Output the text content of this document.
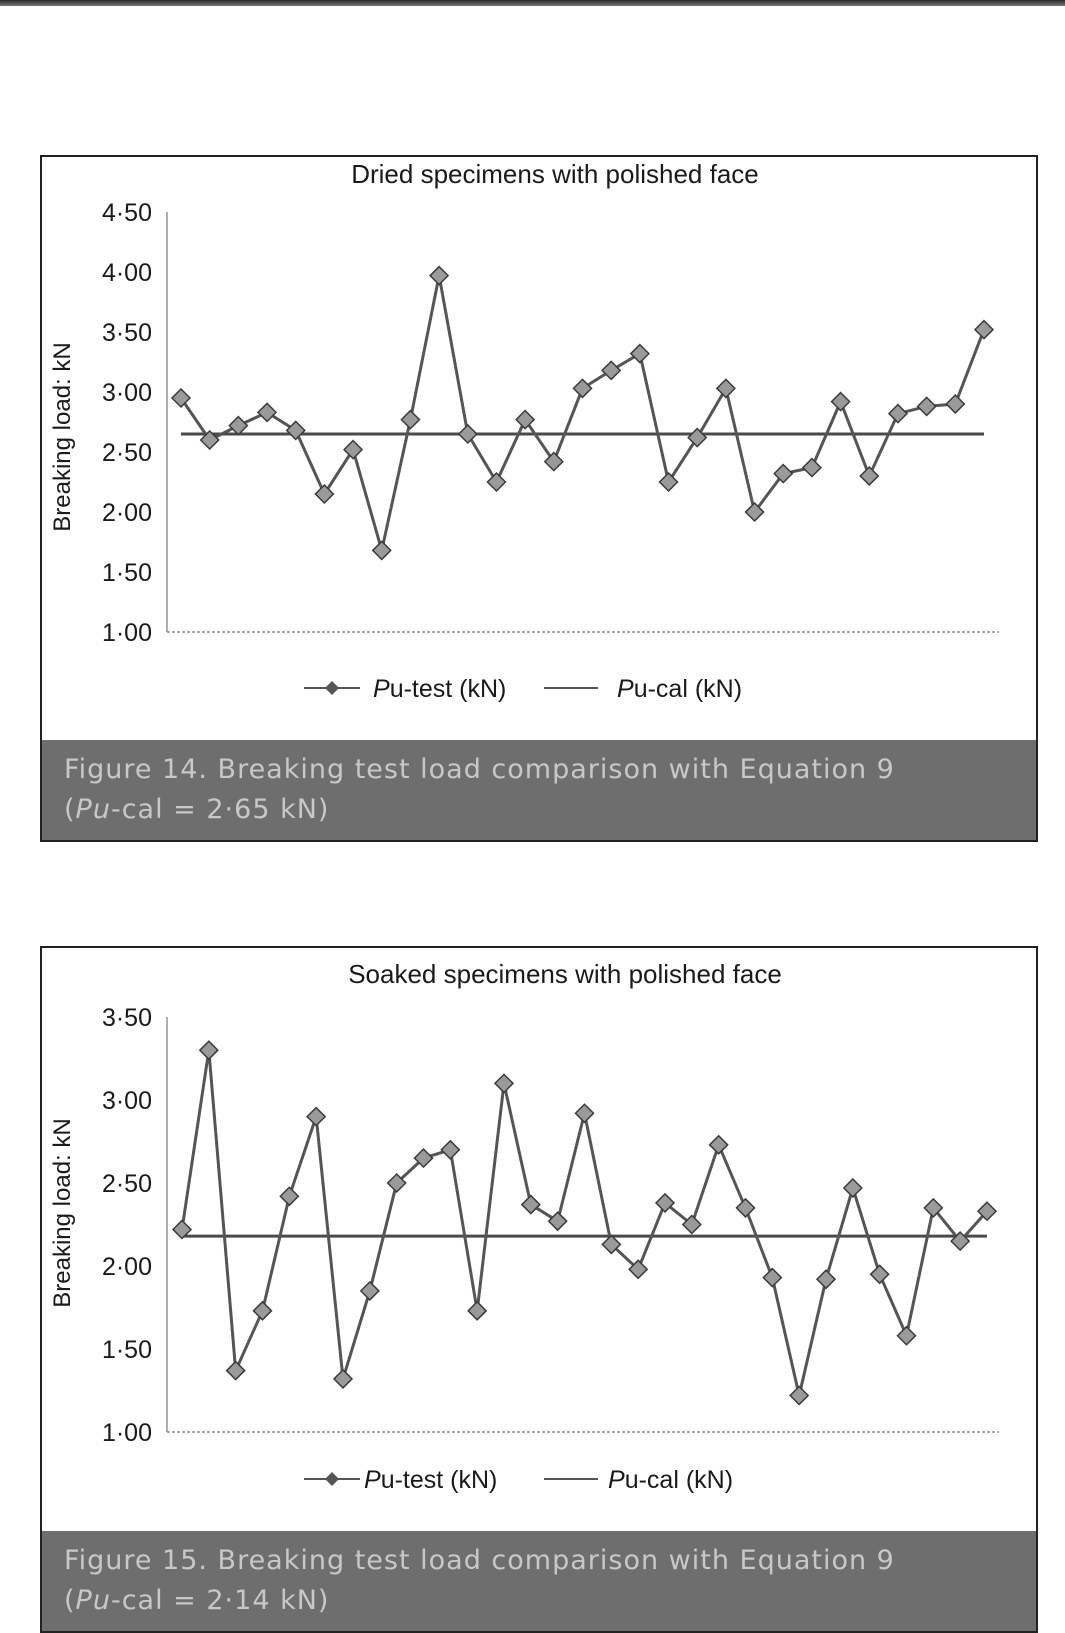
Dried specimens with polished face
Breaking load: kN
1·00
1·50
2·00
2·50
3·00
3·50
4·00
4·50
Pu-test (kN)	Pu-cal (kN)
Figure 14. Breaking test load comparison with Equation 9
(Pu-cal = 2·65 kN)
Soaked specimens with polished face
Breaking load: kN
1·00
1·50
2·00
2·50
3·00
3·50
Pu-test (kN)	Pu-cal (kN)
Figure 15. Breaking test load comparison with Equation 9
(Pu-cal = 2·14 kN)
